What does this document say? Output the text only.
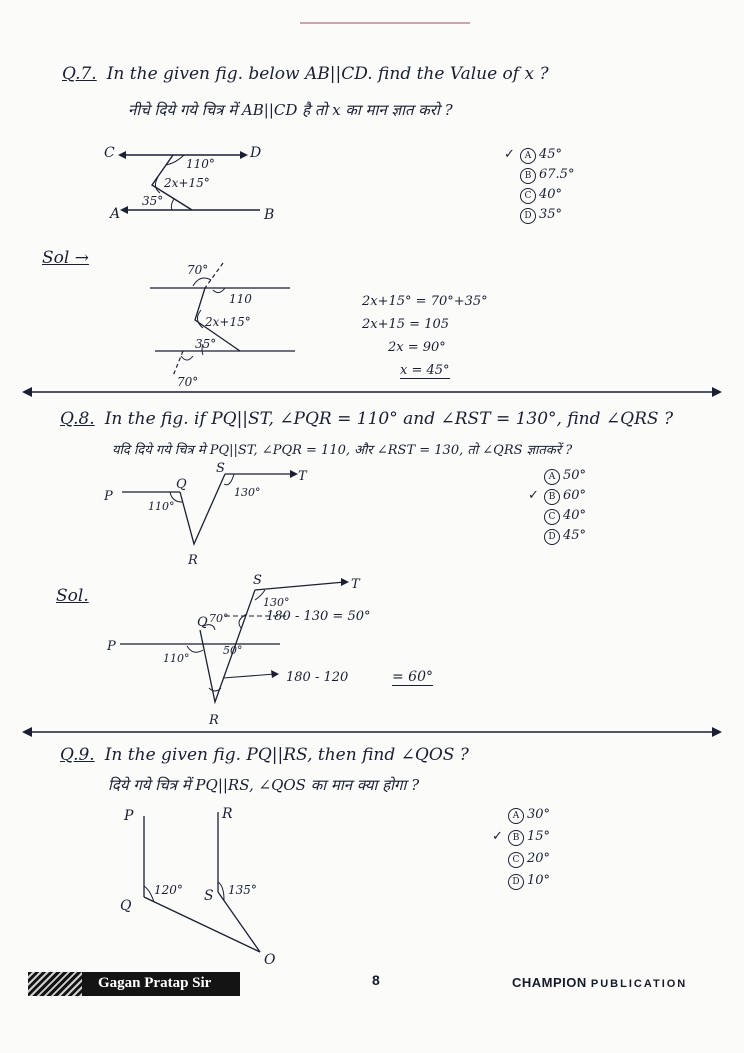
Q.7. In the given fig. below AB||CD. find the Value of x ?
नीचे दिये गये चित्र में AB||CD है तो x का मान ज्ञात करो ?
C	D
A	B
110°
2x+15°
35°
✓ A 45°
B 67.5°
C 40°
D 35°
Sol →
70°
110
2x+15°
35°
70°
2x+15° = 70°+35°
2x+15 = 105
2x = 90°
x = 45°
Q.8. In the fig. if PQ||ST, ∠PQR = 110° and ∠RST = 130°, find ∠QRS ?
यदि दिये गये चित्र मे PQ||ST, ∠PQR = 110, और ∠RST = 130, तो ∠QRS ज्ञातकरें ?
S
T
P
Q
R
110°
130°
A 50°
✓ B 60°
C 40°
D 45°
Sol.
S	T
P
Q
R
130°
70°
110°
50°
180 - 130 = 50°
180 - 120	= 60°
Q.9. In the given fig. PQ||RS, then find ∠QOS ?
दिये गये चित्र में PQ||RS, ∠QOS का मान क्या होगा ?
P	R
Q
S
O
120°	135°
A 30°
✓ B 15°
C 20°
D 10°
Gagan Pratap Sir	8	CHAMPION PUBLICATION
